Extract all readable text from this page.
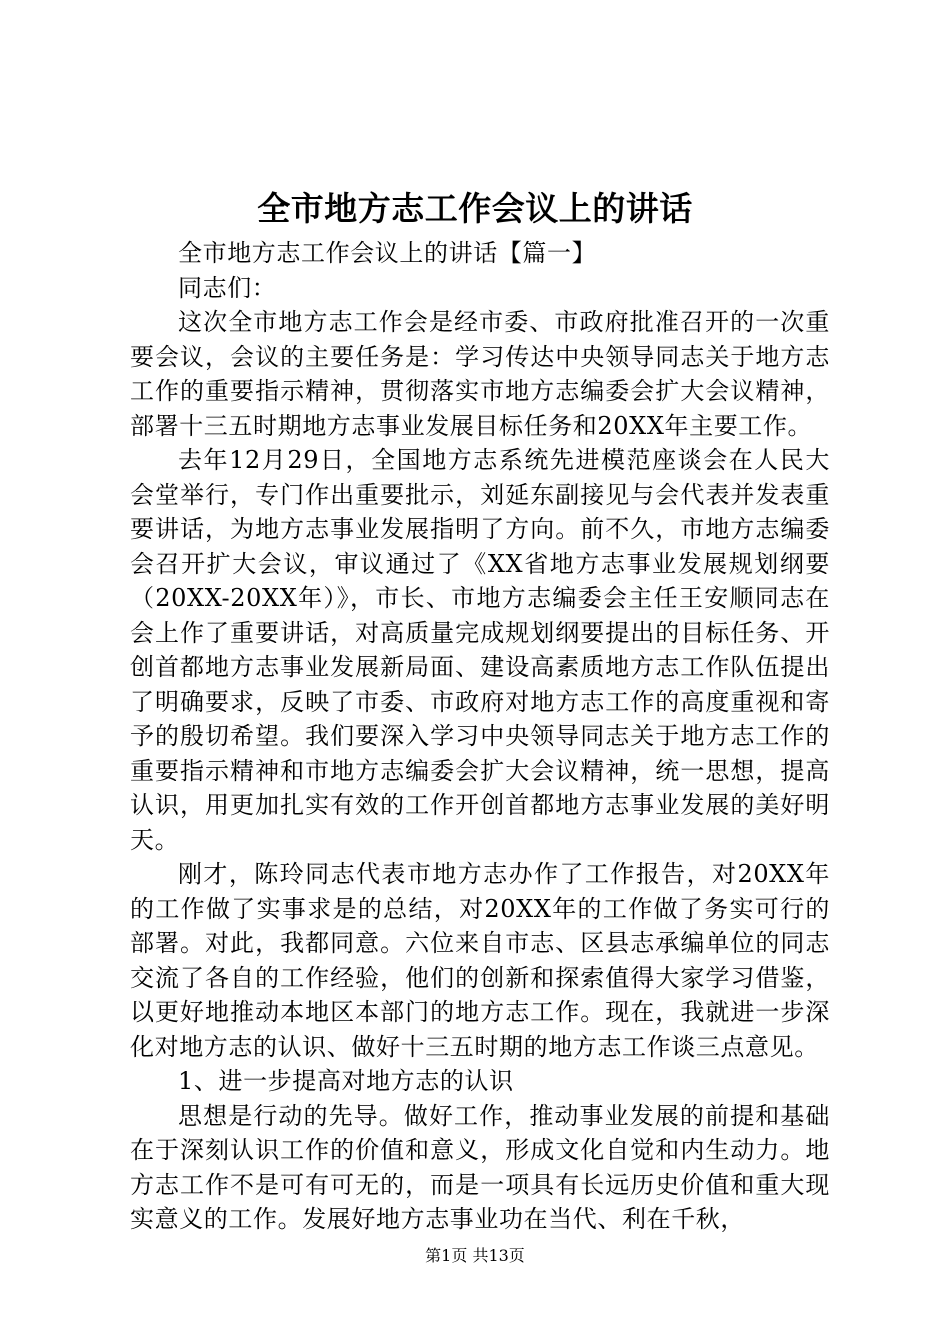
全市地方志工作会议上的讲话

全市地方志工作会议上的讲话【篇一】

同志们：

这次全市地方志工作会是经市委、市政府批准召开的一次重要会议，会议的主要任务是：学习传达中央领导同志关于地方志工作的重要指示精神，贯彻落实市地方志编委会扩大会议精神，部署十三五时期地方志事业发展目标任务和20XX年主要工作。

去年12月29日，全国地方志系统先进模范座谈会在人民大会堂举行，专门作出重要批示，刘延东副接见与会代表并发表重要讲话，为地方志事业发展指明了方向。前不久，市地方志编委会召开扩大会议，审议通过了《XX省地方志事业发展规划纲要（20XX-20XX年）》，市长、市地方志编委会主任王安顺同志在会上作了重要讲话，对高质量完成规划纲要提出的目标任务、开创首都地方志事业发展新局面、建设高素质地方志工作队伍提出了明确要求，反映了市委、市政府对地方志工作的高度重视和寄予的殷切希望。我们要深入学习中央领导同志关于地方志工作的重要指示精神和市地方志编委会扩大会议精神，统一思想，提高认识，用更加扎实有效的工作开创首都地方志事业发展的美好明天。

刚才，陈玲同志代表市地方志办作了工作报告，对20XX年的工作做了实事求是的总结，对20XX年的工作做了务实可行的部署。对此，我都同意。六位来自市志、区县志承编单位的同志交流了各自的工作经验，他们的创新和探索值得大家学习借鉴，以更好地推动本地区本部门的地方志工作。现在，我就进一步深化对地方志的认识、做好十三五时期的地方志工作谈三点意见。

1、进一步提高对地方志的认识

思想是行动的先导。做好工作，推动事业发展的前提和基础在于深刻认识工作的价值和意义，形成文化自觉和内生动力。地方志工作不是可有可无的，而是一项具有长远历史价值和重大现实意义的工作。发展好地方志事业功在当代、利在千秋，

第1页 共13页
